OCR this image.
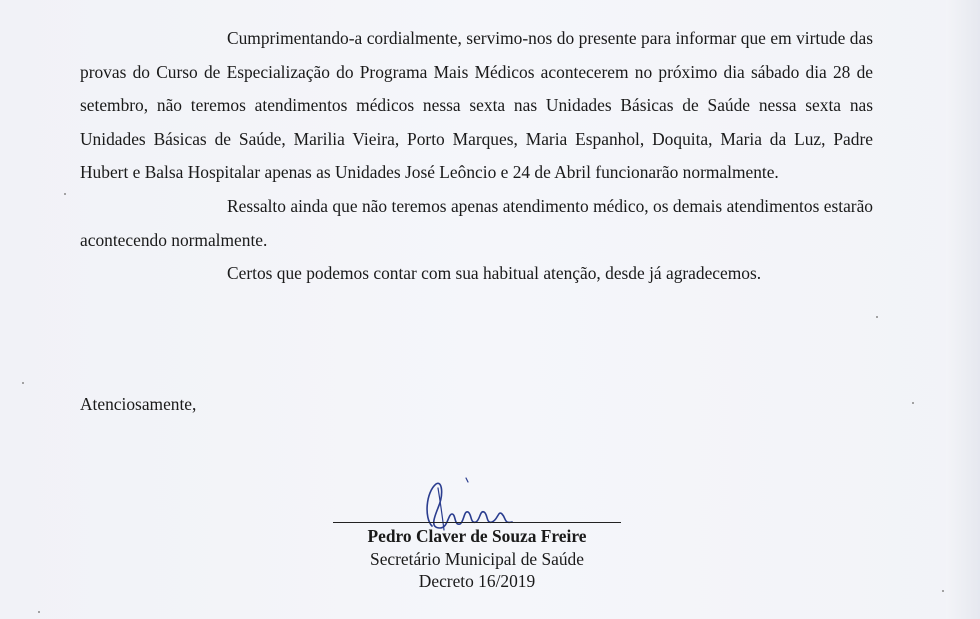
Cumprimentando-a cordialmente, servimo-nos do presente para informar que em virtude das provas do Curso de Especialização do Programa Mais Médicos acontecerem no próximo dia sábado dia 28 de setembro, não teremos atendimentos médicos nessa sexta nas Unidades Básicas de Saúde nessa sexta nas Unidades Básicas de Saúde, Marilia Vieira, Porto Marques, Maria Espanhol, Doquita, Maria da Luz, Padre Hubert e Balsa Hospitalar apenas as Unidades José Leôncio e 24 de Abril funcionarão normalmente.

Ressalto ainda que não teremos apenas atendimento médico, os demais atendimentos estarão acontecendo normalmente.

Certos que podemos contar com sua habitual atenção, desde já agradecemos.

Atenciosamente,
Pedro Claver de Souza Freire
Secretário Municipal de Saúde
Decreto 16/2019
